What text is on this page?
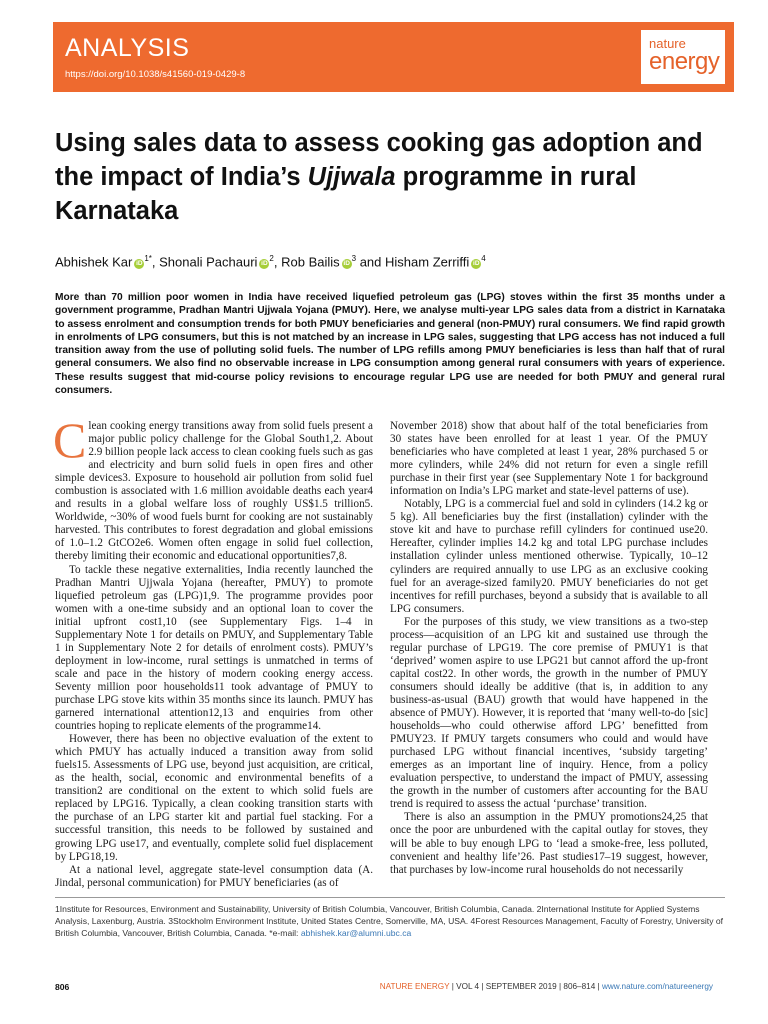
ANALYSIS
https://doi.org/10.1038/s41560-019-0429-8
nature
energy
Using sales data to assess cooking gas adoption and the impact of India’s Ujjwala programme in rural Karnataka
Abhishek Kar $iD^{1*}$, Shonali Pachauri $iD^2$, Rob Bailis $iD^3$ and Hisham Zerriffi $iD^4$

More than 70 million poor women in India have received liquefied petroleum gas (LPG) stoves within the first 35 months under a government programme, Pradhan Mantri Ujjwala Yojana (PMUY). Here, we analyse multi-year LPG sales data from a district in Karnataka to assess enrolment and consumption trends for both PMUY beneficiaries and general (non-PMUY) rural consumers. We find rapid growth in enrolments of LPG consumers, but this is not matched by an increase in LPG sales, suggesting that LPG access has not induced a full transition away from the use of polluting solid fuels. The number of LPG refills among PMUY beneficiaries is less than half that of rural general consumers. We also find no observable increase in LPG consumption among general rural consumers with years of experience. These results suggest that mid-course policy revisions to encourage regular LPG use are needed for both PMUY and general rural consumers.

Clean cooking energy transitions away from solid fuels present a major public policy challenge for the Global South1,2. About 2.9 billion people lack access to clean cooking fuels such as gas and electricity and burn solid fuels in open fires and other simple devices3. Exposure to household air pollution from solid fuel combustion is associated with 1.6 million avoidable deaths each year4 and results in a global welfare loss of roughly US$1.5 trillion5. Worldwide, ~30% of wood fuels burnt for cooking are not sustainably harvested. This contributes to forest degradation and global emissions of 1.0–1.2 GtCO2e6. Women often engage in solid fuel collection, thereby limiting their economic and educational opportunities7,8.

To tackle these negative externalities, India recently launched the Pradhan Mantri Ujjwala Yojana (hereafter, PMUY) to promote liquefied petroleum gas (LPG)1,9. The programme provides poor women with a one-time subsidy and an optional loan to cover the initial upfront cost1,10 (see Supplementary Figs. 1–4 in Supplementary Note 1 for details on PMUY, and Supplementary Table 1 in Supplementary Note 2 for details of enrolment costs). PMUY’s deployment in low-income, rural settings is unmatched in terms of scale and pace in the history of modern cooking energy access. Seventy million poor households11 took advantage of PMUY to purchase LPG stove kits within 35 months since its launch. PMUY has garnered international attention12,13 and enquiries from other countries hoping to replicate elements of the programme14.

However, there has been no objective evaluation of the extent to which PMUY has actually induced a transition away from solid fuels15. Assessments of LPG use, beyond just acquisition, are critical, as the health, social, economic and environmental benefits of a transition2 are conditional on the extent to which solid fuels are replaced by LPG16. Typically, a clean cooking transition starts with the purchase of an LPG starter kit and partial fuel stacking. For a successful transition, this needs to be followed by sustained and growing LPG use17, and eventually, complete solid fuel displacement by LPG18,19.

At a national level, aggregate state-level consumption data (A. Jindal, personal communication) for PMUY beneficiaries (as of

November 2018) show that about half of the total beneficiaries from 30 states have been enrolled for at least 1 year. Of the PMUY beneficiaries who have completed at least 1 year, 28% purchased 5 or more cylinders, while 24% did not return for even a single refill purchase in their first year (see Supplementary Note 1 for background information on India’s LPG market and state-level patterns of use).

Notably, LPG is a commercial fuel and sold in cylinders (14.2 kg or 5 kg). All beneficiaries buy the first (installation) cylinder with the stove kit and have to purchase refill cylinders for continued use20. Hereafter, cylinder implies 14.2 kg and total LPG purchase includes installation cylinder unless mentioned otherwise. Typically, 10–12 cylinders are required annually to use LPG as an exclusive cooking fuel for an average-sized family20. PMUY beneficiaries do not get incentives for refill purchases, beyond a subsidy that is available to all LPG consumers.

For the purposes of this study, we view transitions as a two-step process—acquisition of an LPG kit and sustained use through the regular purchase of LPG19. The core premise of PMUY1 is that ‘deprived’ women aspire to use LPG21 but cannot afford the up-front capital cost22. In other words, the growth in the number of PMUY consumers should ideally be additive (that is, in addition to any business-as-usual (BAU) growth that would have happened in the absence of PMUY). However, it is reported that ‘many well-to-do [sic] households—who could otherwise afford LPG’ benefitted from PMUY23. If PMUY targets consumers who could and would have purchased LPG without financial incentives, ‘subsidy targeting’ emerges as an important line of inquiry. Hence, from a policy evaluation perspective, to understand the impact of PMUY, assessing the growth in the number of customers after accounting for the BAU trend is required to assess the actual ‘purchase’ transition.

There is also an assumption in the PMUY promotions24,25 that once the poor are unburdened with the capital outlay for stoves, they will be able to buy enough LPG to ‘lead a smoke-free, less polluted, convenient and healthy life’26. Past studies17–19 suggest, however, that purchases by low-income rural households do not necessarily

1Institute for Resources, Environment and Sustainability, University of British Columbia, Vancouver, British Columbia, Canada. 2International Institute for Applied Systems Analysis, Laxenburg, Austria. 3Stockholm Environment Institute, United States Centre, Somerville, MA, USA. 4Forest Resources Management, Faculty of Forestry, University of British Columbia, Vancouver, British Columbia, Canada. *e-mail: abhishek.kar@alumni.ubc.ca

806	NATURE ENERGY | VOL 4 | SEPTEMBER 2019 | 806–814 | www.nature.com/natureenergy
